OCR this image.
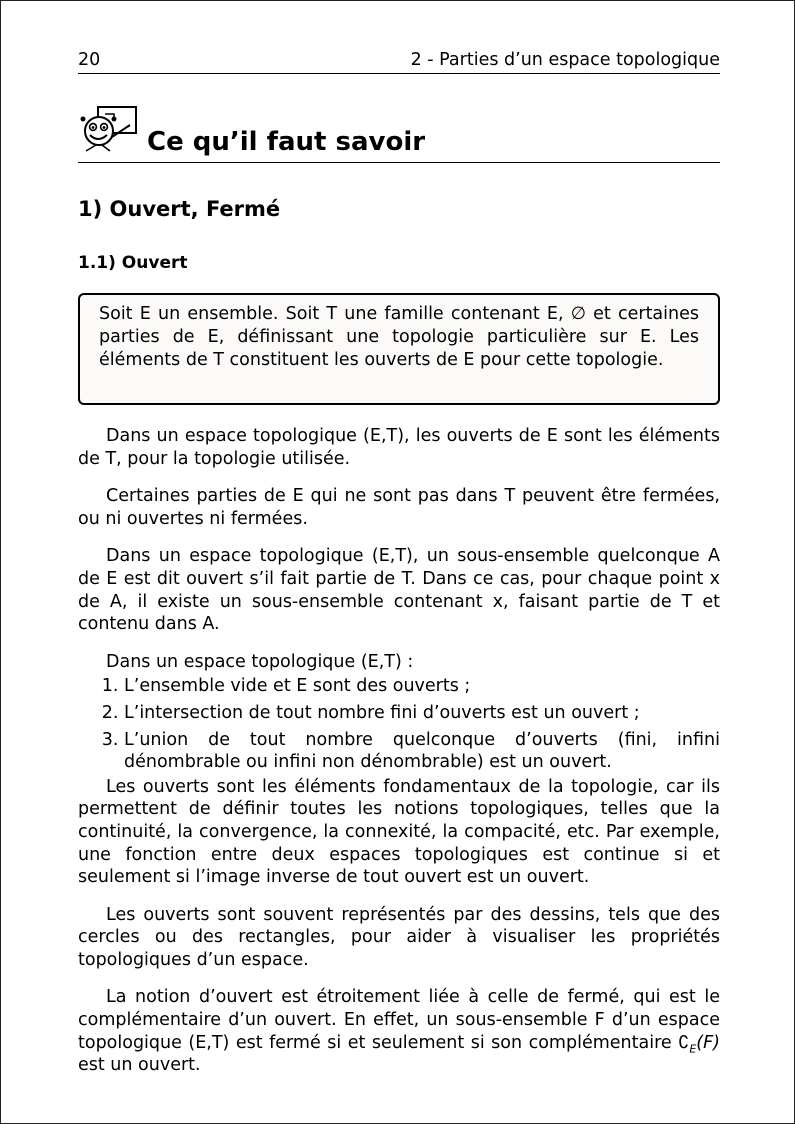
20	2 - Parties d’un espace topologique
Ce qu’il faut savoir
1) Ouvert, Fermé
1.1) Ouvert
Soit E un ensemble. Soit T une famille contenant E, ∅ et certaines parties de E, définissant une topologie particulière sur E. Les éléments de T constituent les ouverts de E pour cette topologie.

Dans un espace topologique (E,T), les ouverts de E sont les éléments de T, pour la topologie utilisée.

Certaines parties de E qui ne sont pas dans T peuvent être fermées, ou ni ouvertes ni fermées.

Dans un espace topologique (E,T), un sous-ensemble quelconque A de E est dit ouvert s’il fait partie de T. Dans ce cas, pour chaque point x de A, il existe un sous-ensemble contenant x, faisant partie de T et contenu dans A.

Dans un espace topologique (E,T) :

1. L’ensemble vide et E sont des ouverts ;
2. L’intersection de tout nombre fini d’ouverts est un ouvert ;
3. L’union de tout nombre quelconque d’ouverts (fini, infini dénombrable ou infini non dénombrable) est un ouvert.

Les ouverts sont les éléments fondamentaux de la topologie, car ils permettent de définir toutes les notions topologiques, telles que la continuité, la convergence, la connexité, la compacité, etc. Par exemple, une fonction entre deux espaces topologiques est continue si et seulement si l’image inverse de tout ouvert est un ouvert.

Les ouverts sont souvent représentés par des dessins, tels que des cercles ou des rectangles, pour aider à visualiser les propriétés topologiques d’un espace.

La notion d’ouvert est étroitement liée à celle de fermé, qui est le complémentaire d’un ouvert. En effet, un sous-ensemble F d’un espace topologique (E,T) est fermé si et seulement si son complémentaire $∁_E(F)$ est un ouvert.
